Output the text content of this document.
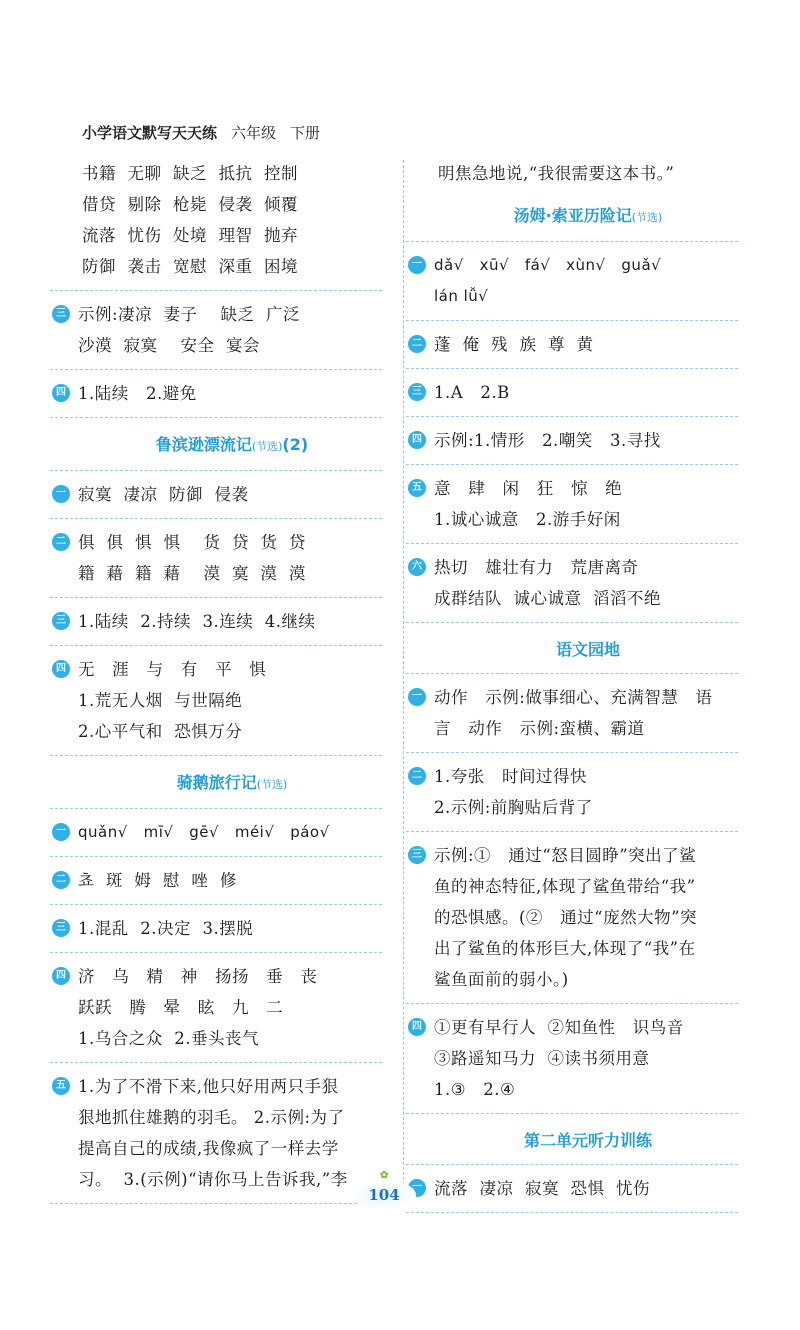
小学语文默写天天练 六年级 下册
书籍  无聊  缺乏  抵抗  控制
借贷  剔除  枪毙  侵袭  倾覆
流落  忧伤  处境  理智  抛弃
防御  袭击  宽慰  深重  困境
三 示例:凄凉  妻子    缺乏  广泛
沙漠  寂寞    安全  宴会
四 1.陆续   2.避免
鲁滨逊漂流记(节选)(2)
一 寂寞  凄凉  防御  侵袭
二 俱  俱  惧  惧    货  贷  货  贷
籍  藉  籍  藉    漠  寞  漠  漠
三 1.陆续  2.持续  3.连续  4.继续
四 无   涯   与   有   平   惧
1.荒无人烟  与世隔绝
2.心平气和  恐惧万分
骑鹅旅行记(节选)
一 quǎn√   mī√   gē√   méi√   páo√
二 쵸  斑  姆  慰  唑  修
三 1.混乱  2.决定  3.摆脱
四 济   乌   精   神   扬扬   垂   丧
跃跃   腾   晕   眩   九   二
1.乌合之众  2.垂头丧气
五 1.为了不滑下来,他只好用两只手狠
狠地抓住雄鹅的羽毛。 2.示例:为了
提高自己的成绩,我像疯了一样去学
习。  3.(示例)“请你马上告诉我,”李
明焦急地说,“我很需要这本书。”
汤姆·索亚历险记(节选)
一 dǎ√   xū√   fá√   xùn√   guǎ√
lán lǚ√
二 蓬  俺  残  族  尊  黄
三 1.A   2.B
四 示例:1.情形   2.嘲笑   3.寻找
五 意   肆   闲   狂   惊   绝
1.诚心诚意   2.游手好闲
六 热切   雄壮有力   荒唐离奇
成群结队  诚心诚意  滔滔不绝
语文园地
一 动作   示例:做事细心、充满智慧   语
言   动作   示例:蛮横、霸道
二 1.夸张   时间过得快
2.示例:前胸贴后背了
三 示例:①   通过“怒目圆睁”突出了鲨
鱼的神态特征,体现了鲨鱼带给“我”
的恐惧感。(②   通过“庞然大物”突
出了鲨鱼的体形巨大,体现了“我”在
鲨鱼面前的弱小。)
四 ①更有早行人  ②知鱼性   识鸟音
③路遥知马力  ④读书须用意
1.③   2.④
第二单元听力训练
一 流落  凄凉  寂寞  恐惧  忧伤
✿
104
